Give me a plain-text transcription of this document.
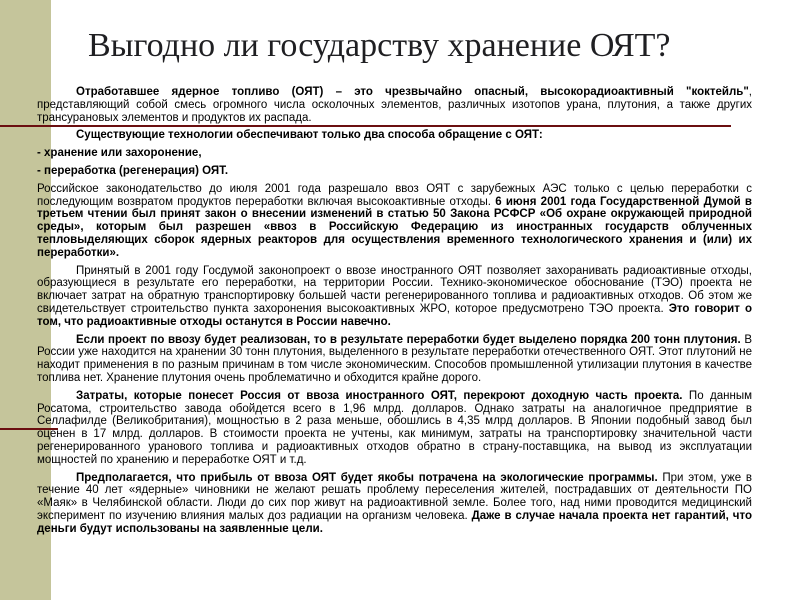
Выгодно ли государству хранение ОЯТ?

Отработавшее ядерное топливо (ОЯТ) – это чрезвычайно опасный, высокорадиоактивный "коктейль", представляющий собой смесь огромного числа осколочных элементов, различных изотопов урана, плутония, а также других трансурановых элементов и продуктов их распада.

Существующие технологии обеспечивают только два способа обращение с ОЯТ:

- хранение или захоронение,

- переработка (регенерация) ОЯТ.

Российское законодательство до июля 2001 года разрешало ввоз ОЯТ с зарубежных АЭС только с целью переработки с последующим возвратом продуктов переработки включая высокоактивные отходы. 6 июня 2001 года Государственной Думой в третьем чтении был принят закон о внесении изменений в статью 50 Закона РСФСР «Об охране окружающей природной среды», которым был разрешен «ввоз в Российскую Федерацию из иностранных государств облученных тепловыделяющих сборок ядерных реакторов для осуществления временного технологического хранения и (или) их переработки».

Принятый в 2001 году Госдумой законопроект о ввозе иностранного ОЯТ позволяет захоранивать радиоактивные отходы, образующиеся в результате его переработки, на территории России. Технико-экономическое обоснование (ТЭО) проекта не включает затрат на обратную транспортировку большей части регенерированного топлива и радиоактивных отходов. Об этом же свидетельствует строительство пункта захоронения высокоактивных ЖРО, которое предусмотрено ТЭО проекта. Это говорит о том, что радиоактивные отходы останутся в России навечно.

Если проект по ввозу будет реализован, то в результате переработки будет выделено порядка 200 тонн плутония. В России уже находится на хранении 30 тонн плутония, выделенного в результате переработки отечественного ОЯТ. Этот плутоний не находит применения в по разным причинам в том числе экономическим. Способов промышленной утилизации плутония в качестве топлива нет. Хранение плутония очень проблематично и обходится крайне дорого.

Затраты, которые понесет Россия от ввоза иностранного ОЯТ, перекроют доходную часть проекта. По данным Росатома, строительство завода обойдется всего в 1,96 млрд. долларов. Однако затраты на аналогичное предприятие в Селлафилде (Великобритания), мощностью в 2 раза меньше, обошлись в 4,35 млрд долларов. В Японии подобный завод был оценен в 17 млрд. долларов. В стоимости проекта не учтены, как минимум, затраты на транспортировку значительной части регенерированного уранового топлива и радиоактивных отходов обратно в страну-поставщика, на вывод из эксплуатации мощностей по хранению и переработке ОЯТ и т.д.

Предполагается, что прибыль от ввоза ОЯТ будет якобы потрачена на экологические программы. При этом, уже в течение 40 лет «ядерные» чиновники не желают решать проблему переселения жителей, пострадавших от деятельности ПО «Маяк» в Челябинской области. Люди до сих пор живут на радиоактивной земле. Более того, над ними проводится медицинский эксперимент по изучению влияния малых доз радиации на организм человека. Даже в случае начала проекта нет гарантий, что деньги будут использованы на заявленные цели.
